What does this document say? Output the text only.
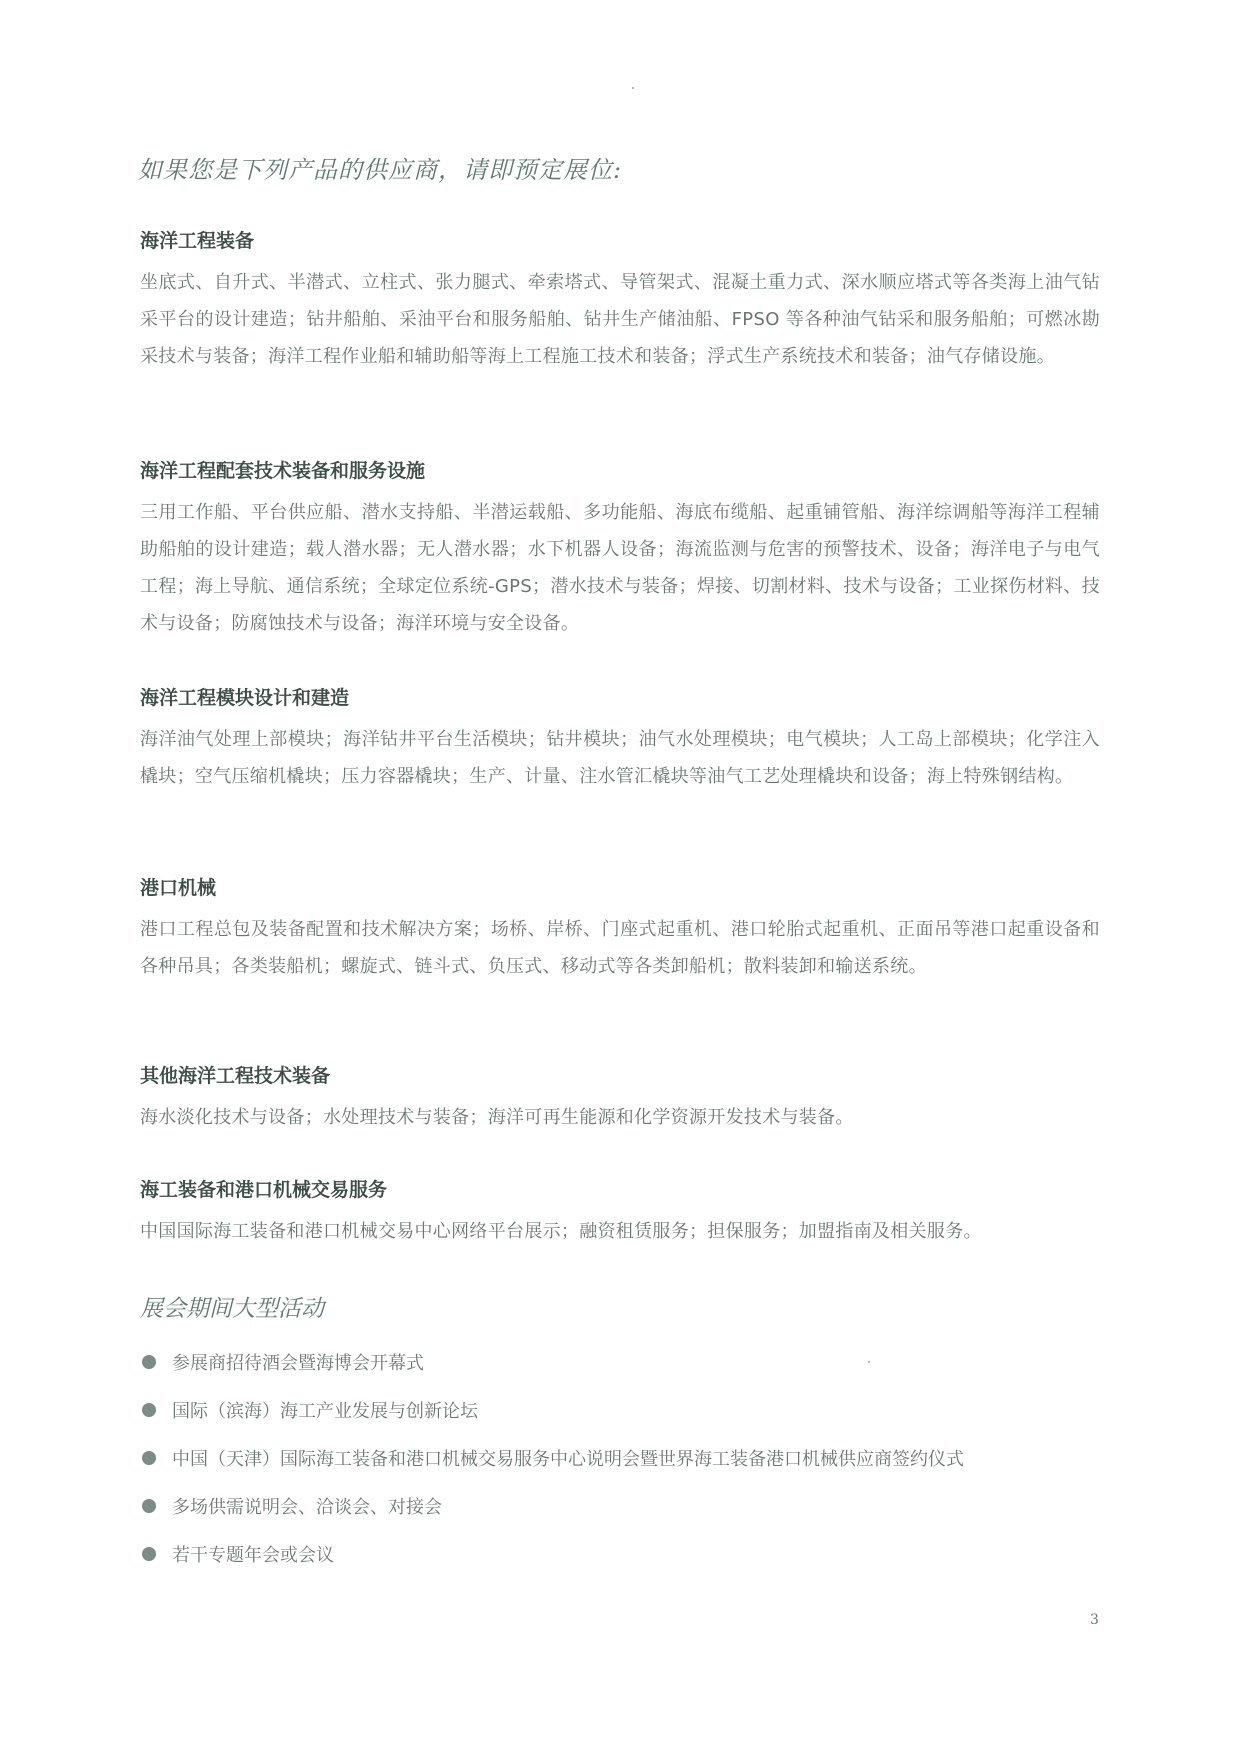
如果您是下列产品的供应商，请即预定展位:
海洋工程装备

坐底式、自升式、半潜式、立柱式、张力腿式、牵索塔式、导管架式、混凝土重力式、深水顺应塔式等各类海上油气钻采平台的设计建造；钻井船舶、采油平台和服务船舶、钻井生产储油船、FPSO 等各种油气钻采和服务船舶；可燃冰勘采技术与装备；海洋工程作业船和辅助船等海上工程施工技术和装备；浮式生产系统技术和装备；油气存储设施。

海洋工程配套技术装备和服务设施

三用工作船、平台供应船、潜水支持船、半潜运载船、多功能船、海底布缆船、起重铺管船、海洋综调船等海洋工程辅助船舶的设计建造；载人潜水器；无人潜水器；水下机器人设备；海流监测与危害的预警技术、设备；海洋电子与电气工程；海上导航、通信系统；全球定位系统-GPS；潜水技术与装备；焊接、切割材料、技术与设备；工业探伤材料、技术与设备；防腐蚀技术与设备；海洋环境与安全设备。

海洋工程模块设计和建造

海洋油气处理上部模块；海洋钻井平台生活模块；钻井模块；油气水处理模块；电气模块；人工岛上部模块；化学注入橇块；空气压缩机橇块；压力容器橇块；生产、计量、注水管汇橇块等油气工艺处理橇块和设备；海上特殊钢结构。

港口机械

港口工程总包及装备配置和技术解决方案；场桥、岸桥、门座式起重机、港口轮胎式起重机、正面吊等港口起重设备和各种吊具；各类装船机；螺旋式、链斗式、负压式、移动式等各类卸船机；散料装卸和输送系统。

其他海洋工程技术装备

海水淡化技术与设备；水处理技术与装备；海洋可再生能源和化学资源开发技术与装备。

海工装备和港口机械交易服务

中国国际海工装备和港口机械交易中心网络平台展示；融资租赁服务；担保服务；加盟指南及相关服务。

展会期间大型活动
参展商招待酒会暨海博会开幕式
国际（滨海）海工产业发展与创新论坛
中国（天津）国际海工装备和港口机械交易服务中心说明会暨世界海工装备港口机械供应商签约仪式
多场供需说明会、洽谈会、对接会
若干专题年会或会议
3
